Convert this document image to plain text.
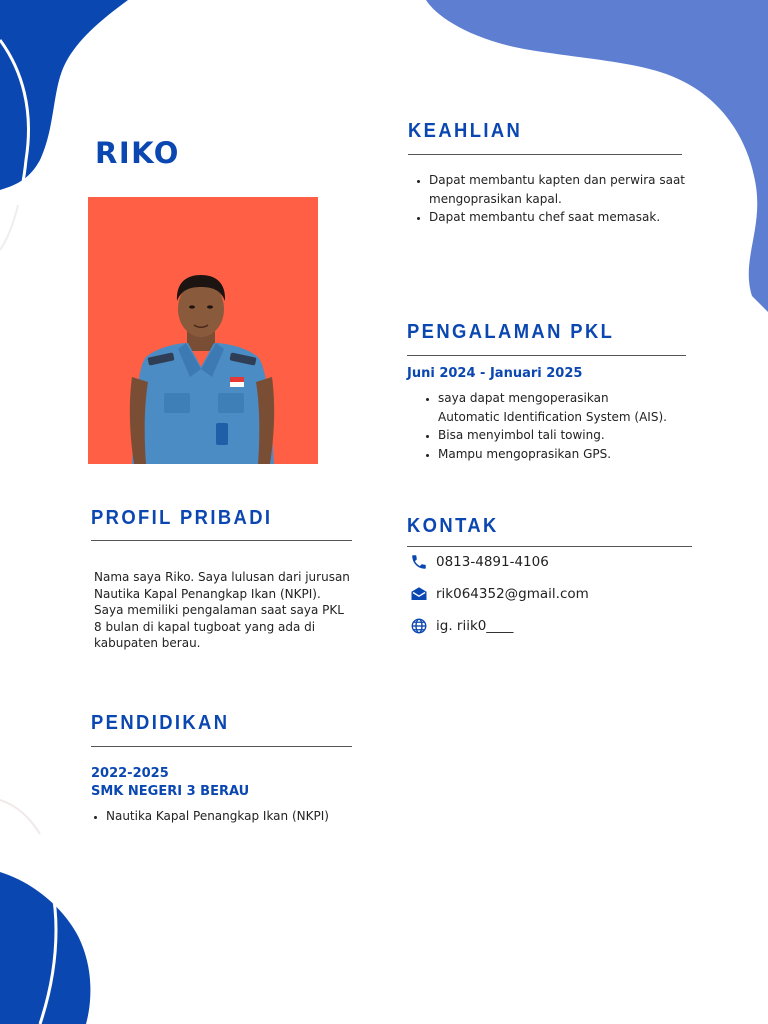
RIKO
KEAHLIAN
• Dapat membantu kapten dan perwira saat mengoprasikan kapal.
• Dapat membantu chef saat memasak.
PENGALAMAN PKL

Juni 2024 - Januari 2025

• saya dapat mengoperasikan Automatic Identification System (AIS).
• Bisa menyimbol tali towing.
• Mampu mengoprasikan GPS.
PROFIL PRIBADI

Nama saya Riko. Saya lulusan dari jurusan Nautika Kapal Penangkap Ikan (NKPI). Saya memiliki pengalaman saat saya PKL 8 bulan di kapal tugboat yang ada di kabupaten berau.

KONTAK
0813-4891-4106
rik064352@gmail.com
ig. riik0____
PENDIDIKAN

2022-2025

SMK NEGERI 3 BERAU

• Nautika Kapal Penangkap Ikan (NKPI)
